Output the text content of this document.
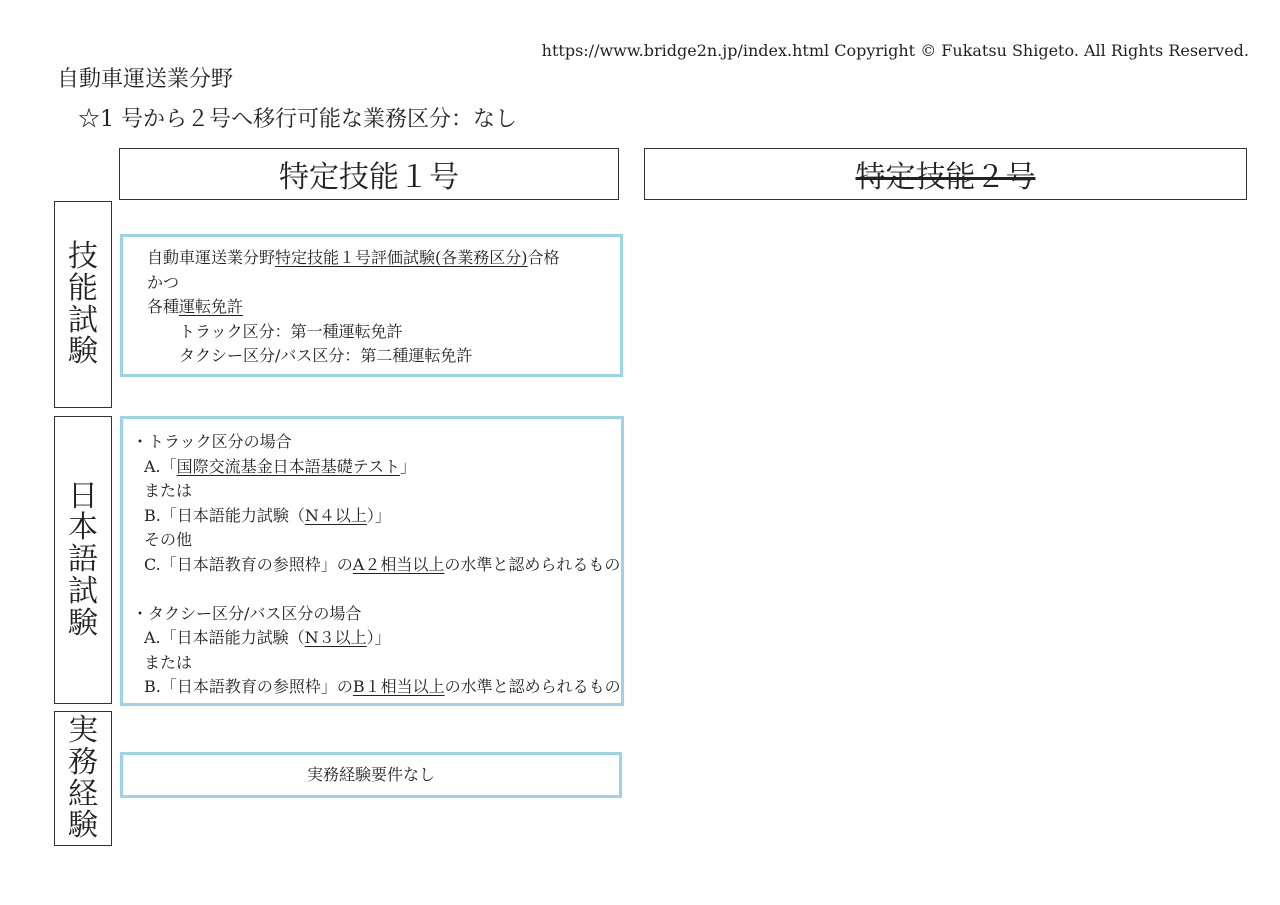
https://www.bridge2n.jp/index.html Copyright © Fukatsu Shigeto. All Rights Reserved.
自動車運送業分野
☆1 号から２号へ移行可能な業務区分：なし
特定技能１号	特定技能２号
技
能
試
験
日
本
語
試
験
実
務
経
験
自動車運送業分野特定技能１号評価試験(各業務区分)合格
かつ
各種運転免許
トラック区分：第一種運転免許
タクシー区分/バス区分：第二種運転免許
・トラック区分の場合
A.「国際交流基金日本語基礎テスト」
または
B.「日本語能力試験（N４以上）」
その他
C.「日本語教育の参照枠」のA２相当以上の水準と認められるもの
・タクシー区分/バス区分の場合
A.「日本語能力試験（N３以上）」
または
B.「日本語教育の参照枠」のB１相当以上の水準と認められるもの
実務経験要件なし
